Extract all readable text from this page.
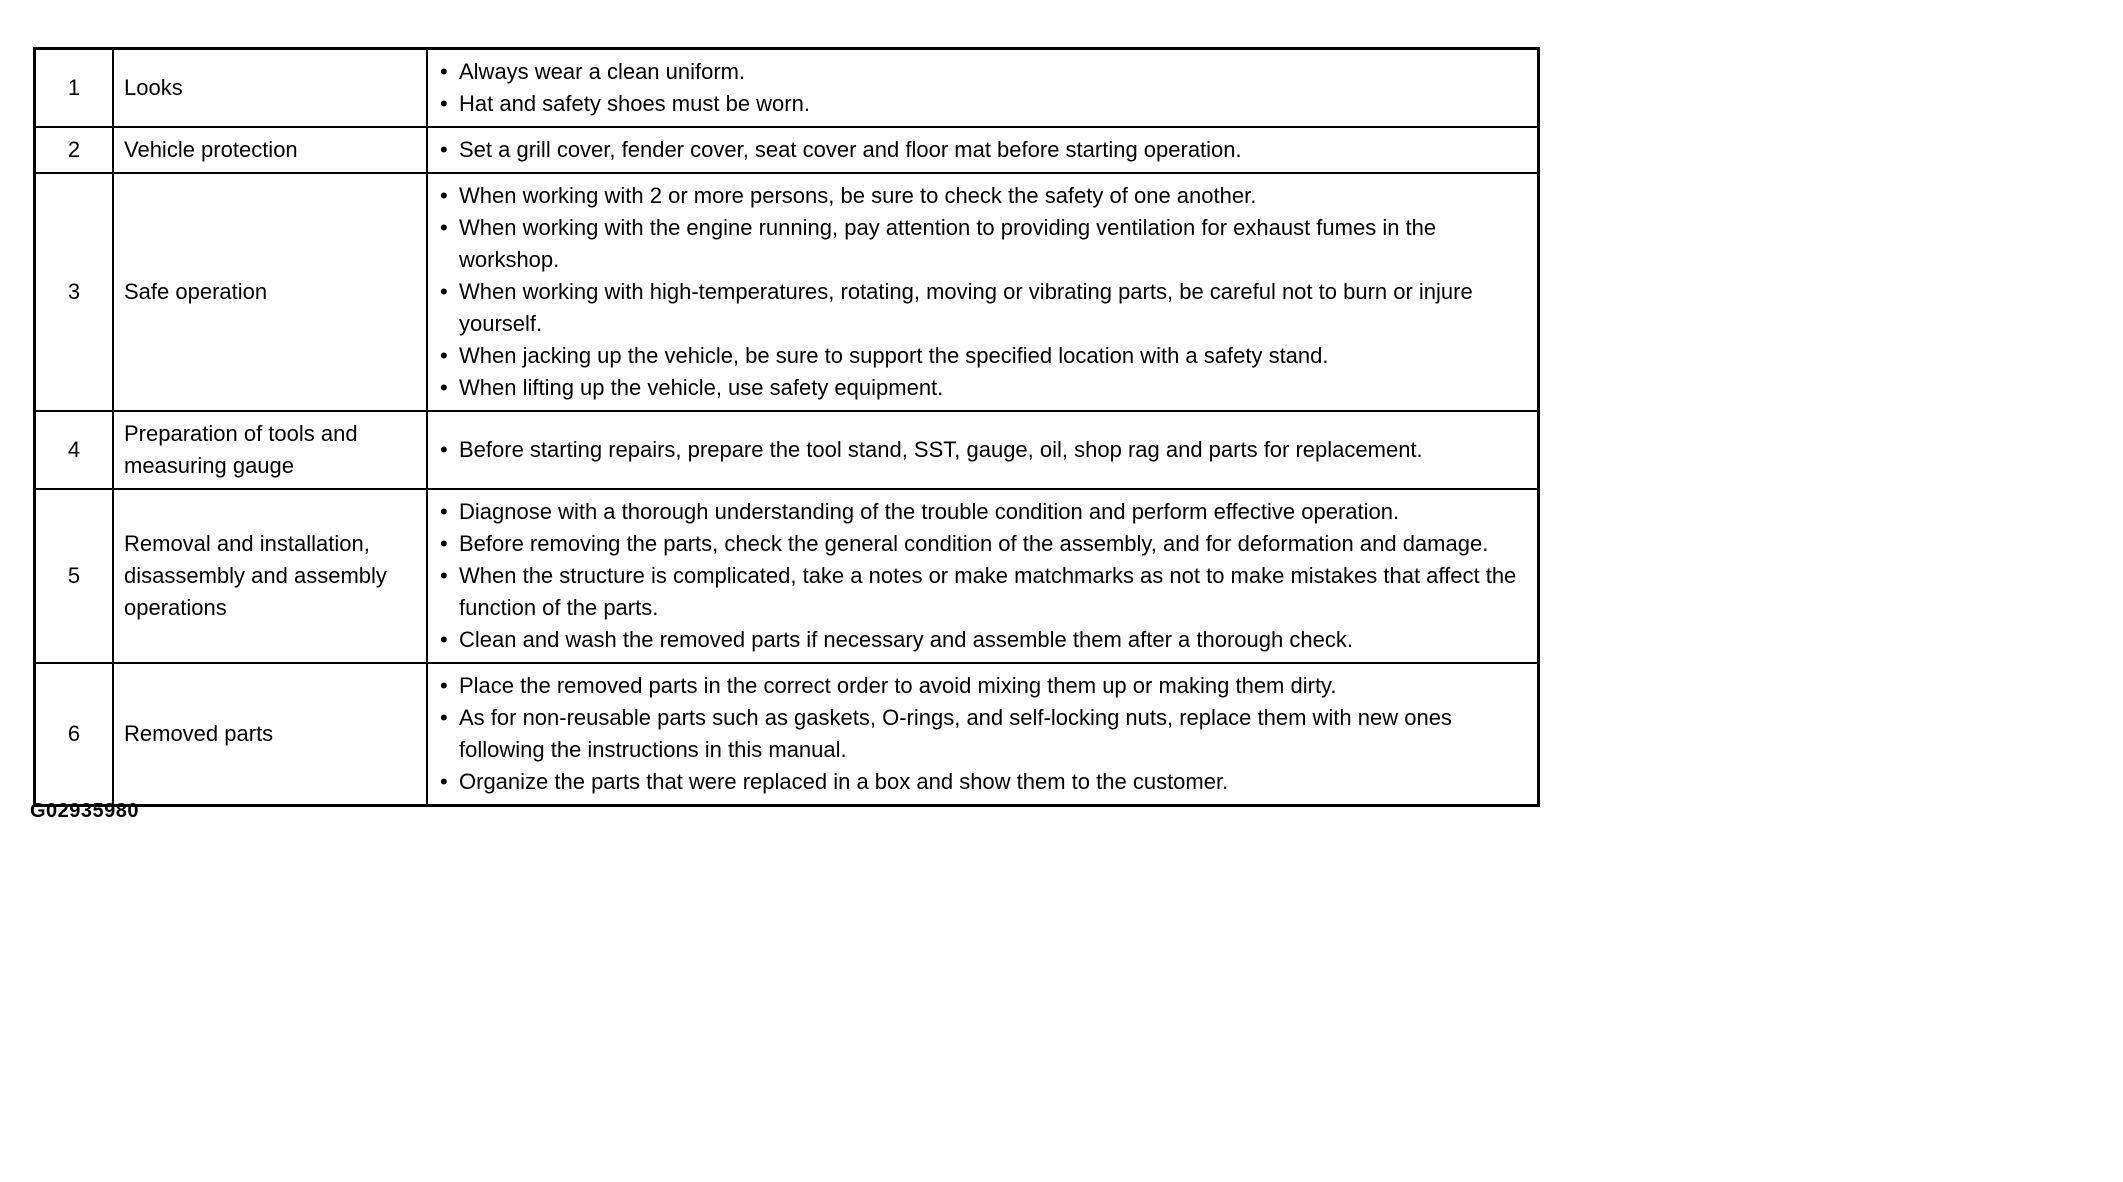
1	Looks	• Always wear a clean uniform.
• Hat and safety shoes must be worn.

2	Vehicle protection	• Set a grill cover, fender cover, seat cover and floor mat before starting operation.

3	Safe operation	• When working with 2 or more persons, be sure to check the safety of one another.
• When working with the engine running, pay attention to providing ventilation for exhaust fumes in the workshop.
• When working with high-temperatures, rotating, moving or vibrating parts, be careful not to burn or injure yourself.
• When jacking up the vehicle, be sure to support the specified location with a safety stand.
• When lifting up the vehicle, use safety equipment.

4	Preparation of tools and measuring gauge	• Before starting repairs, prepare the tool stand, SST, gauge, oil, shop rag and parts for replacement.

5	Removal and installation, disassembly and assembly operations	• Diagnose with a thorough understanding of the trouble condition and perform effective operation.
• Before removing the parts, check the general condition of the assembly, and for deformation and damage.
• When the structure is complicated, take a notes or make matchmarks as not to make mistakes that affect the function of the parts.
• Clean and wash the removed parts if necessary and assemble them after a thorough check.

6	Removed parts	• Place the removed parts in the correct order to avoid mixing them up or making them dirty.
• As for non-reusable parts such as gaskets, O-rings, and self-locking nuts, replace them with new ones following the instructions in this manual.
• Organize the parts that were replaced in a box and show them to the customer.
G02935980
